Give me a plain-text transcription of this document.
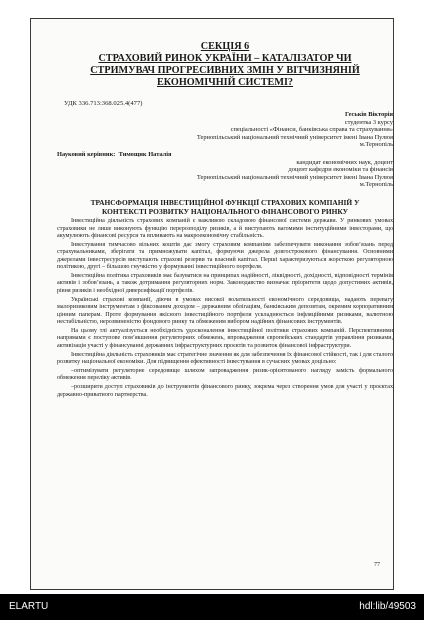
СЕКЦІЯ 6
СТРАХОВИЙ РИНОК УКРАЇНИ – КАТАЛІЗАТОР ЧИ
СТРИМУВАЧ ПРОГРЕСИВНИХ ЗМІН У ВІТЧИЗНЯНІЙ
ЕКОНОМІЧНІЙ СИСТЕМІ?
УДК 336.713:368.025.4(477)
Геськів Вікторія
студентка 3 курсу
спеціальності «Фінанси, банківська справа та страхування»
Тернопільський національний технічний університет імені Івана Пулюя
м.Тернопіль
Науковий керівник: Тимощик Наталія
кандидат економічних наук, доцент
доцент кафедри економіки та фінансів
Тернопільський національний технічний університет імені Івана Пулюя
м.Тернопіль
ТРАНСФОРМАЦІЯ ІНВЕСТИЦІЙНОЇ ФУНКЦІЇ СТРАХОВИХ КОМПАНІЙ У
КОНТЕКСТІ РОЗВИТКУ НАЦІОНАЛЬНОГО ФІНАНСОВОГО РИНКУ

Інвестиційна діяльність страхових компаній є важливою складовою фінансової системи держави. У ринкових умовах страховики не лише виконують функцію перерозподілу ризиків, а й виступають вагомими інституційними інвесторами, що акумулюють фінансові ресурси та впливають на макроекономічну стабільність.

Інвестування тимчасово вільних коштів дає змогу страховим компаніям забезпечувати виконання зобов’язань перед страхувальниками, зберігати та примножувати капітал, формуючи джерела довгострокового фінансування. Основними джерелами інвестресурсів виступають страхові резерви та власний капітал. Перші характеризуються жорсткою регуляторною політикою, другі – більшою гнучкістю у формуванні інвестиційного портфеля.

Інвестиційна політика страховиків має базуватися на принципах надійності, ліквідності, дохідності, відповідності термінів активів і зобов’язань, а також дотримання регуляторних норм. Законодавство визначає пріоритети щодо допустимих активів, рівня ризиків і необхідної диверсифікації портфелів.

Українські страхові компанії, діючи в умовах високої волатильності економічного середовища, надають перевагу малоризиковим інструментам з фіксованим доходом – державним облігаціям, банківським депозитам, окремим корпоративним цінним паперам. Проте формування якісного інвестиційного портфеля ускладнюється інфляційними ризиками, валютною нестабільністю, нерозвиненістю фондового ринку та обмеженим вибором надійних фінансових інструментів.

На цьому тлі актуалізується необхідність удосконалення інвестиційної політики страхових компаній. Перспективними напрямами є поступове пом’якшення регуляторних обмежень, впровадження європейських стандартів управління ризиками, активізація участі у фінансуванні державних інфраструктурних проєктів та розвиток фінансової інфраструктури.

Інвестиційна діяльність страховиків має стратегічне значення як для забезпечення їх фінансової стійкості, так і для сталого розвитку національної економіки. Для підвищення ефективності інвестування в сучасних умовах доцільно:

–оптимізувати регуляторне середовище шляхом запровадження ризик-орієнтованого нагляду замість формального обмеження переліку активів.

–розширити доступ страховиків до інструментів фінансового ринку, зокрема через створення умов для участі у проєктах державно-приватного партнерства.

77
ELARTU	hdl:lib/49503
